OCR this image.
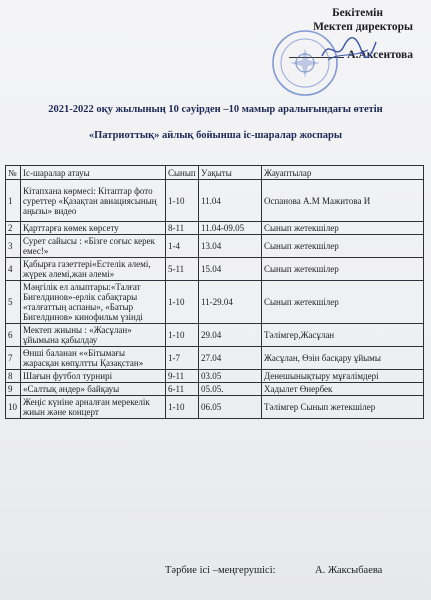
Бекітемін
Мектеп директоры
А.Аксеитова
2021-2022 оқу жылының 10 сәуірден –10 мамыр аралығындағы өтетін
«Патриоттық» айлық бойынша іс-шаралар жоспары
№	Іс-шаралар атауы	Сынып	Уақыты	Жауаптылар
1	Кітапхана көрмесі: Кітаптар фото суреттер «Қазақтан авиациясының аңызы» видео	1-10	11.04	Оспанова А.М Мажитова И
2	Қарттарға көмек көрсету	8-11	11.04-09.05	Сынып жетекшілер
3	Сурет сайысы : «Бізге соғыс керек емес!»	1-4	13.04	Сынып жетекшілер
4	Қабырға газеттері«Естелік әлемі, жүрек әлемі,жан әлемі»	5-11	15.04	Сынып жетекшілер
5	Мәңгілік ел алыптары:«Талғат Бигелдинов»-ерлік сабақтары «талғаттың аспаны», «Батыр Бигелдинов» кинофильм үзінді	1-10	11-29.04	Сынып жетекшілер
6	Мектеп жиыны : «Жасұлан» ұйымына қабылдау	1-10	29.04	Тәлімгер,Жасұлан
7	Өнші баланан ««Бітымағы жарасқан көпұлтты Қазақстан»	1-7	27.04	Жасұлан, Өзін басқару ұйымы
8	Шағын футбол турнирі	9-11	03.05	Денешынықтыру мұғалімдері
9	«Салтық әндер» байқауы	6-11	05.05.	Хадылет Өнербек
10	Жеңіс күніне арналған мерекелік жиын және концерт	1-10	06.05	Тәлімгер Сынып жетекшілер
Тәрбие ісі –меңгерушісі:	А. Жаксыбаева
